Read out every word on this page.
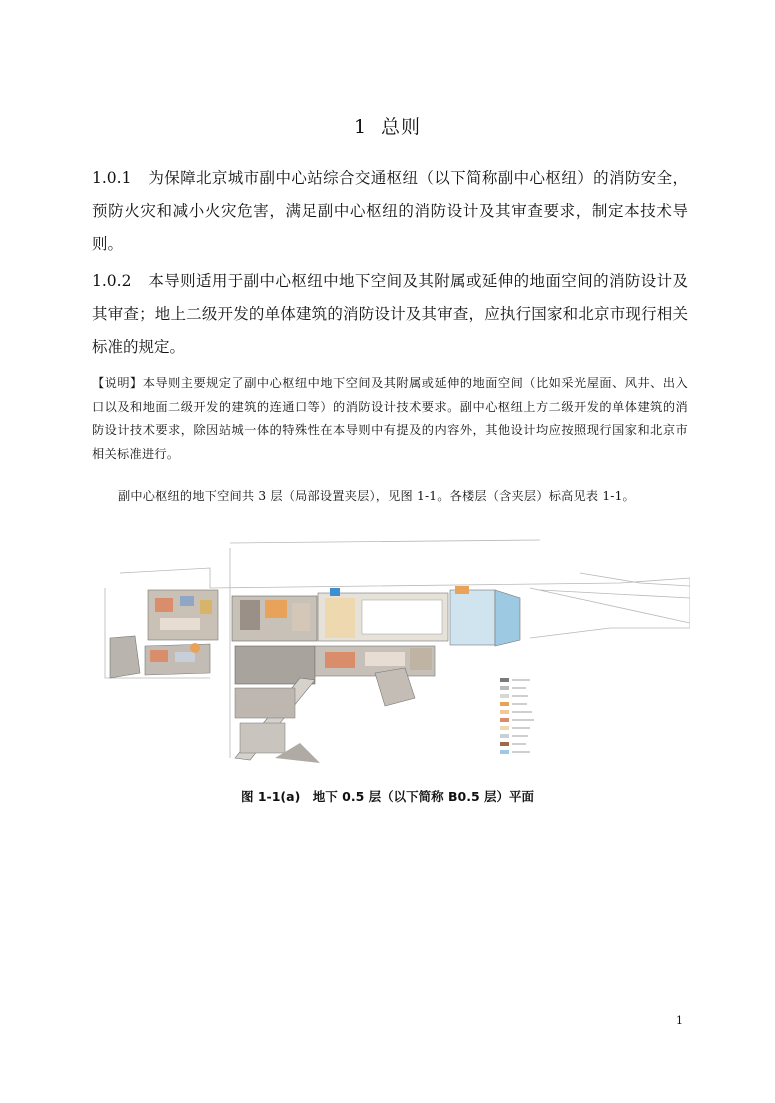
1 总则
1.0.1 为保障北京城市副中心站综合交通枢纽（以下简称副中心枢纽）的消防安全，预防火灾和减小火灾危害，满足副中心枢纽的消防设计及其审查要求，制定本技术导则。
1.0.2 本导则适用于副中心枢纽中地下空间及其附属或延伸的地面空间的消防设计及其审查；地上二级开发的单体建筑的消防设计及其审查，应执行国家和北京市现行相关标准的规定。
【说明】本导则主要规定了副中心枢纽中地下空间及其附属或延伸的地面空间（比如采光屋面、风井、出入口以及和地面二级开发的建筑的连通口等）的消防设计技术要求。副中心枢纽上方二级开发的单体建筑的消防设计技术要求，除因站城一体的特殊性在本导则中有提及的内容外，其他设计均应按照现行国家和北京市相关标准进行。
副中心枢纽的地下空间共 3 层（局部设置夹层），见图 1-1。各楼层（含夹层）标高见表 1-1。
图 1-1(a)　地下 0.5 层（以下简称 B0.5 层）平面
1
